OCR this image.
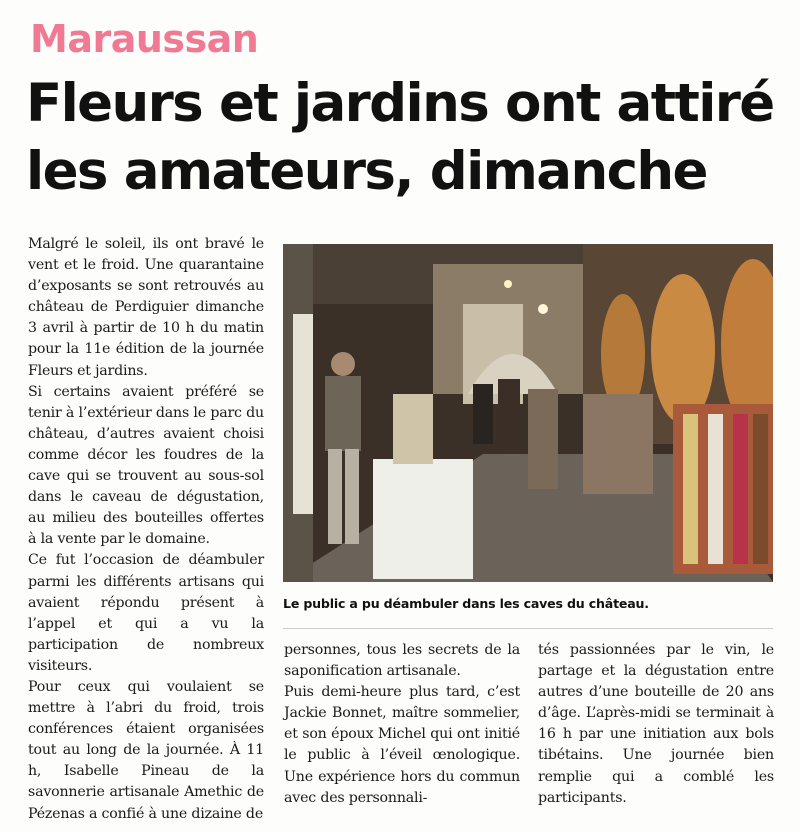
Maraussan
Fleurs et jardins ont attiré les amateurs, dimanche

Malgré le soleil, ils ont bravé le vent et le froid. Une quarantaine d’exposants se sont retrouvés au château de Perdiguier dimanche 3 avril à partir de 10 h du matin pour la 11e édition de la journée Fleurs et jardins.

Si certains avaient préféré se tenir à l’extérieur dans le parc du château, d’autres avaient choisi comme décor les foudres de la cave qui se trouvent au sous-sol dans le caveau de dégustation, au milieu des bouteilles offertes à la vente par le domaine.

Ce fut l’occasion de déambuler parmi les différents artisans qui avaient répondu présent à l’appel et qui a vu la participation de nombreux visiteurs.

Pour ceux qui voulaient se mettre à l’abri du froid, trois conférences étaient organisées tout au long de la journée. À 11 h, Isabelle Pineau de la savonnerie artisanale Amethic de Pézenas a confié à une dizaine de

Le public a pu déambuler dans les caves du château.

personnes, tous les secrets de la saponification artisanale.

Puis demi-heure plus tard, c’est Jackie Bonnet, maître sommelier, et son époux Michel qui ont initié le public à l’éveil œnologique. Une expérience hors du commun avec des personnali-

tés passionnées par le vin, le partage et la dégustation entre autres d’une bouteille de 20 ans d’âge. L’après-midi se terminait à 16 h par une initiation aux bols tibétains. Une journée bien remplie qui a comblé les participants.
